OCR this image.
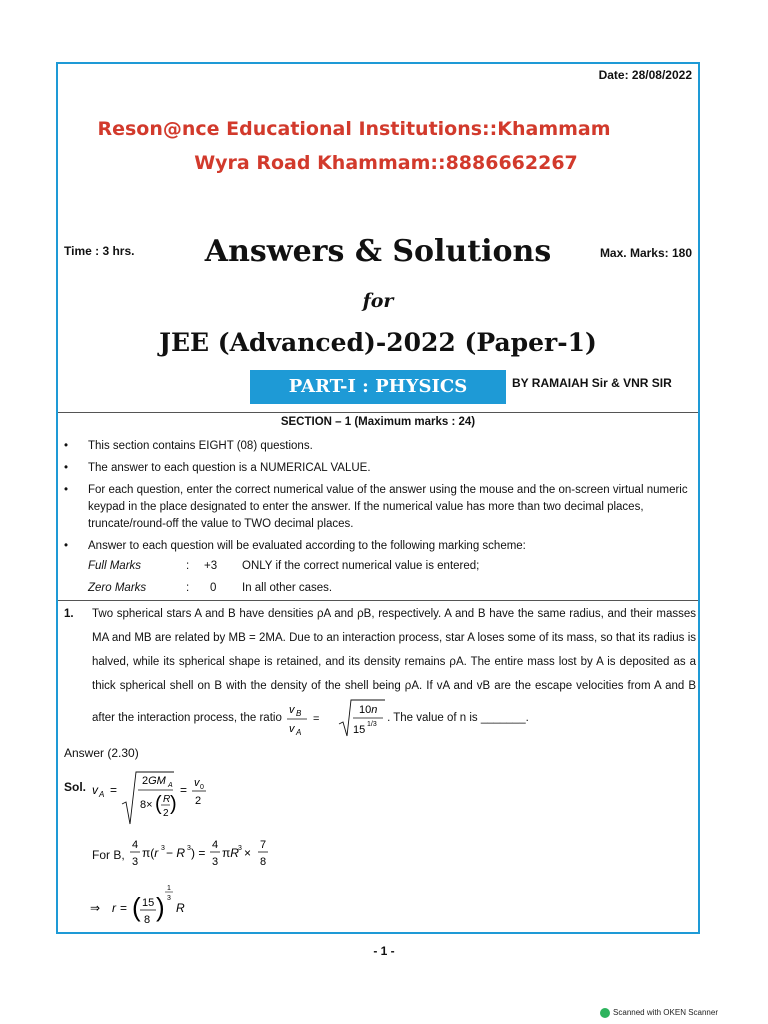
Date: 28/08/2022
Reson@nce Educational Institutions::Khammam
Wyra Road Khammam::8886662267
Time : 3 hrs.	Answers & Solutions	Max. Marks: 180
for
JEE (Advanced)-2022 (Paper-1)
PART-I : PHYSICS	BY RAMAIAH Sir & VNR SIR
SECTION – 1 (Maximum marks : 24)
• This section contains EIGHT (08) questions.
• The answer to each question is a NUMERICAL VALUE.
• For each question, enter the correct numerical value of the answer using the mouse and the on-screen virtual numeric keypad in the place designated to enter the answer. If the numerical value has more than two decimal places, truncate/round-off the value to TWO decimal places.
• Answer to each question will be evaluated according to the following marking scheme:
Full Marks	: +3 ONLY if the correct numerical value is entered;
Zero Marks	: 0 In all other cases.
1. Two spherical stars A and B have densities ρA and ρB, respectively. A and B have the same radius, and their masses MA and MB are related by MB = 2MA. Due to an interaction process, star A loses some of its mass, so that its radius is halved, while its spherical shape is retained, and its density remains ρA. The entire mass lost by A is deposited as a thick spherical shell on B with the density of the shell being ρA. If vA and vB are the escape velocities from A and B after the interaction process, the ratio
v B
v A
=
10n
15 1/3
. The value of n is _______.
Answer (2.30)
Sol. v A =
2GM A
8× ( R
2 )
= v 0
2
For B,
4
3
π(r 3 − R 3 ) =
4
3
πR 3 ×
7
8
⇒ r = ( 15
8 )
1
3
R
- 1 -
Scanned with OKEN Scanner
